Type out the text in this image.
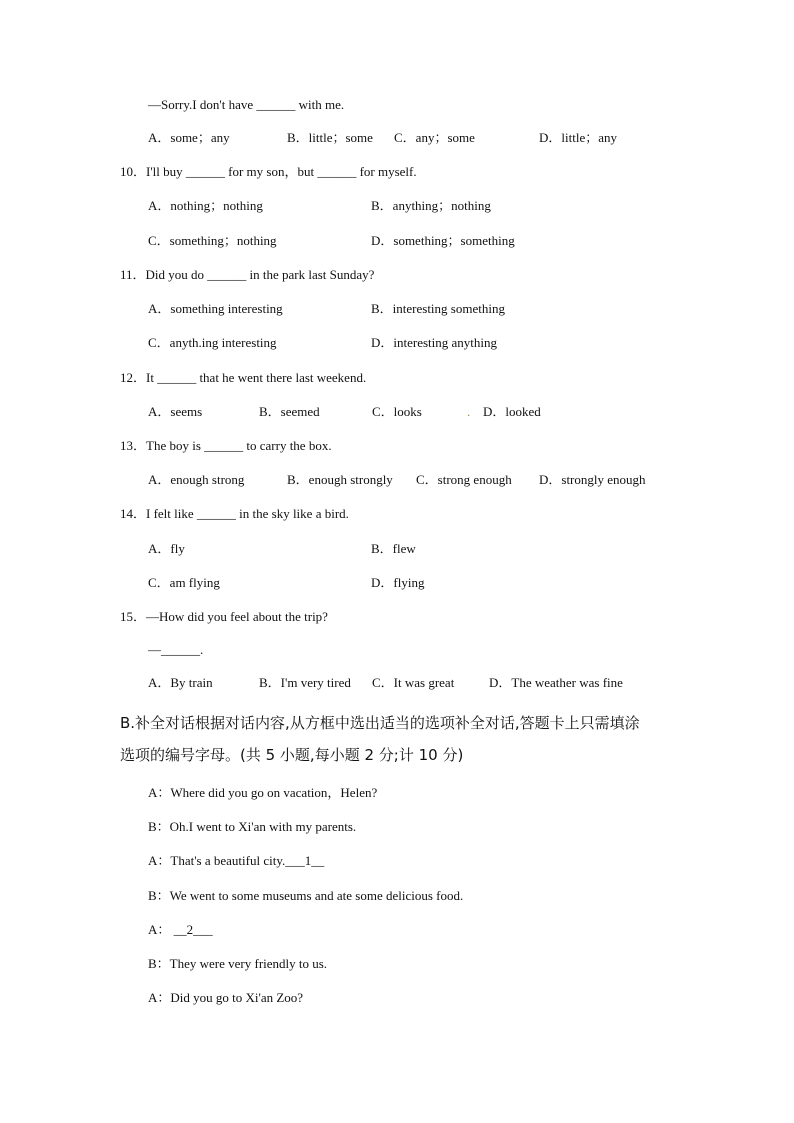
—Sorry.I don't have ______ with me.
A．some；any	B．little；some C．any；some	D．little；any
10．I'll buy ______ for my son，but ______ for myself.
A．nothing；nothing	B．anything；nothing
C．something；nothing	D．something；something
11．Did you do ______ in the park last Sunday?
A．something interesting	B．interesting something
C．anyth.ing interesting	D．interesting anything
12．It ______ that he went there last weekend.
A．seems	B．seemed	C．looks	. D．looked
13．The boy is ______ to carry the box.
A．enough strong	B．enough strongly C．strong enough D．strongly enough
14．I felt like ______ in the sky like a bird.
A．fly	B．flew
C．am flying	D．flying
15．—How did you feel about the trip?
—______.
A．By train	B．I'm very tired C．It was great	D．The weather was fine
B.补全对话根据对话内容,从方框中选出适当的选项补全对话,答题卡上只需填涂
选项的编号字母。(共 5 小题,每小题 2 分;计 10 分)
A：Where did you go on vacation，Helen?
B：Oh.I went to Xi'an with my parents.
A：That's a beautiful city.___1__
B：We went to some museums and ate some delicious food.
A： __2___
B：They were very friendly to us.
A：Did you go to Xi'an Zoo?
